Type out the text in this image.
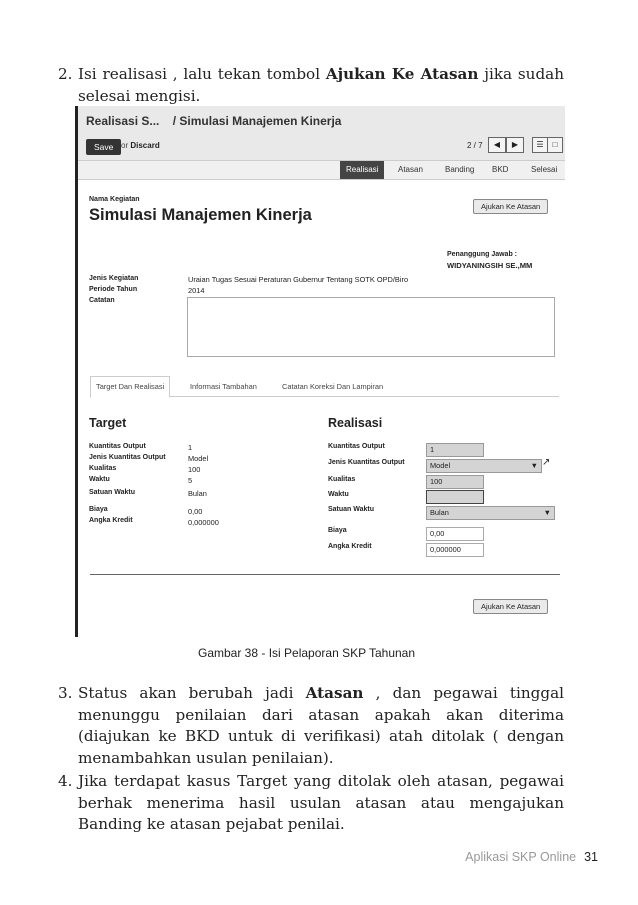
2. Isi realisasi , lalu tekan tombol Ajukan Ke Atasan jika sudah selesai mengisi.
Realisasi S... / Simulasi Manajemen Kinerja
Save or Discard	2 / 7	◀	▶	☰	□
Realisasi	Atasan	Banding BKD	Selesai
Nama Kegiatan
Simulasi Manajemen Kinerja	Ajukan Ke Atasan
Penanggung Jawab :
WIDYANINGSIH SE.,MM
Jenis Kegiatan	Uraian Tugas Sesuai Peraturan Gubernur Tentang SOTK OPD/Biro
Periode Tahun	2014
Catatan
Target Dan Realisasi	Informasi Tambahan	Catatan Koreksi Dan Lampiran
Target
Kuantitas Output	1
Jenis Kuantitas Output	Model
Kualitas	100
Waktu	5
Satuan Waktu	Bulan
Biaya	0,00
Angka Kredit	0,000000
Realisasi
Kuantitas Output	1
Jenis Kuantitas Output	Model	▼ ↗
Kualitas	100
Waktu
Satuan Waktu	Bulan	▼
Biaya	0,00
Angka Kredit	0,000000
Ajukan Ke Atasan
Gambar 38 - Isi Pelaporan SKP Tahunan
3. Status akan berubah jadi Atasan , dan pegawai tinggal menunggu penilaian dari atasan apakah akan diterima (diajukan ke BKD untuk di verifikasi) atah ditolak ( dengan menambahkan usulan penilaian).
4. Jika terdapat kasus Target yang ditolak oleh atasan, pegawai berhak menerima hasil usulan atasan atau mengajukan Banding ke atasan pejabat penilai.
Aplikasi SKP Online 31
